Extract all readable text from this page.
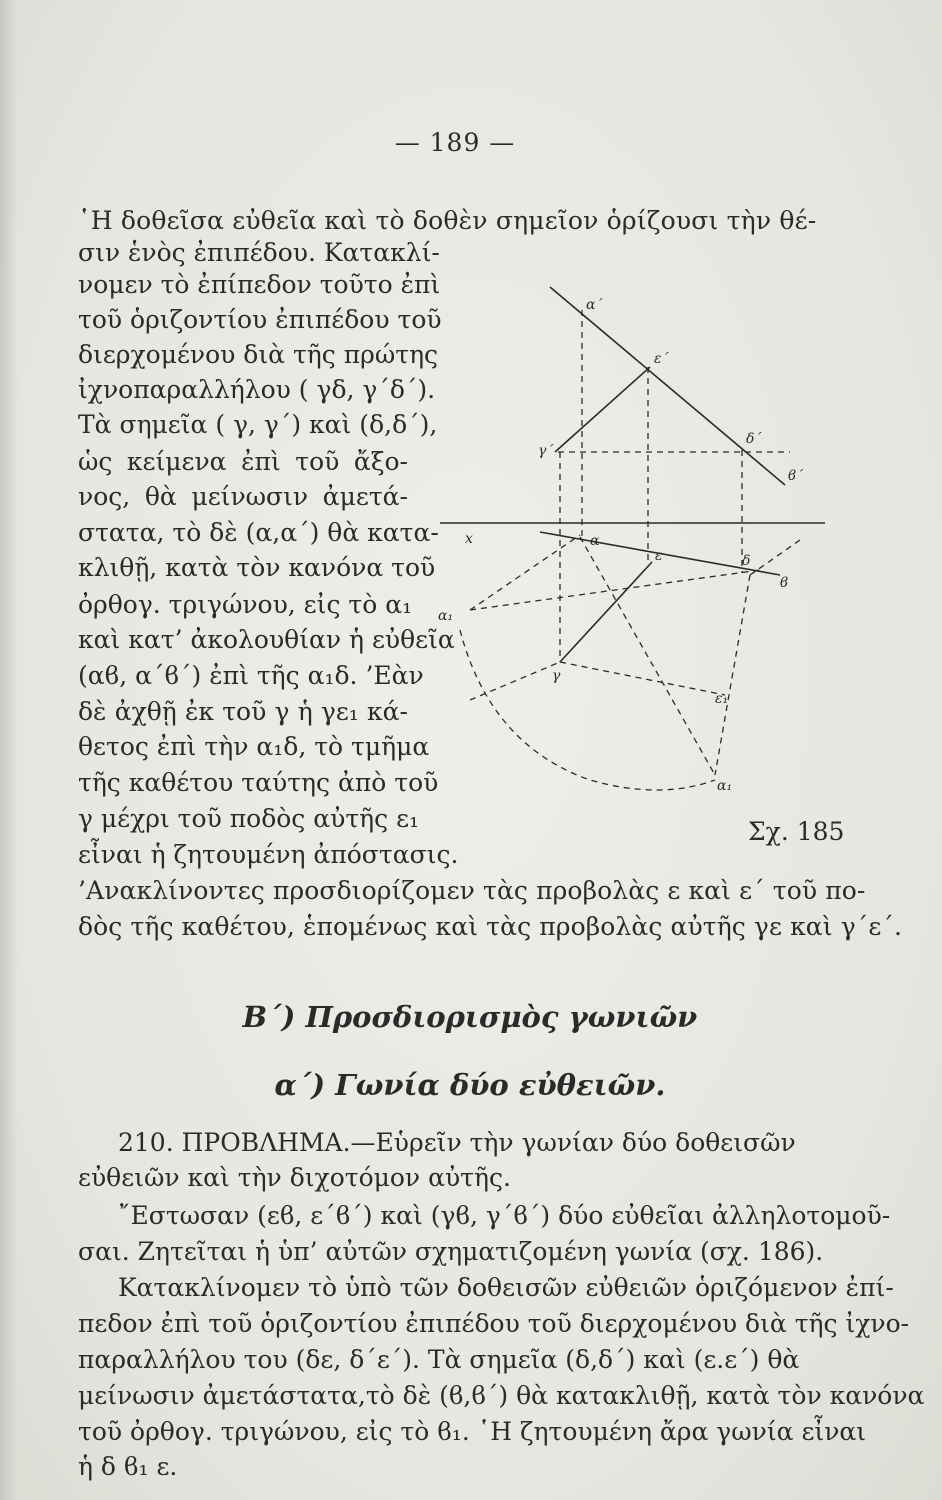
— 189 —
῾Η δοθεῖσα εὐθεῖα καὶ τὸ δοθὲν σημεῖον ὁρίζουσι τὴν θέ-
σιν ἑνὸς ἐπιπέδου. Κατακλί-
νομεν τὸ ἐπίπεδον τοῦτο ἐπὶ
τοῦ ὁριζοντίου ἐπιπέδου τοῦ
διερχομένου διὰ τῆς πρώτης
ἰχνοπαραλλήλου ( γδ, γ΄δ΄).
Τὰ σημεῖα ( γ, γ΄) καὶ (δ,δ΄),
ὡς κείμενα ἐπὶ τοῦ ἄξο-
νος, θὰ μείνωσιν ἀμετά-
στατα, τὸ δὲ (α,α΄) θὰ κατα-
κλιθῇ, κατὰ τὸν κανόνα τοῦ
ὀρθογ. τριγώνου, εἰς τὸ α₁
καὶ κατ’ ἀκολουθίαν ἡ εὐθεῖα
(αϐ, α΄ϐ΄) ἐπὶ τῆς α₁δ. ’Εὰν
δὲ ἀχθῇ ἐκ τοῦ γ ἡ γε₁ κά-
θετος ἐπὶ τὴν α₁δ, τὸ τμῆμα
τῆς καθέτου ταύτης ἀπὸ τοῦ
γ μέχρι τοῦ ποδὸς αὐτῆς ε₁
εἶναι ἡ ζητουμένη ἀπόστασις.
’Ανακλίνοντες προσδιορίζομεν τὰς προβολὰς ε καὶ ε΄ τοῦ πο-
δὸς τῆς καθέτου, ἑπομένως καὶ τὰς προβολὰς αὐτῆς γε καὶ γ΄ε΄.
α΄
ε΄
γ΄
δ΄
ϐ΄
x	α
ε	δ
ϐ
α₁
γ
ε₁
α₁
Σχ. 185
Β΄) Προσδιορισμὸς γωνιῶν
α΄) Γωνία δύο εὐθειῶν.
210. ΠΡΟΒΛΗΜΑ.—Εὑρεῖν τὴν γωνίαν δύο δοθεισῶν
εὐθειῶν καὶ τὴν διχοτόμον αὐτῆς.
῎Εστωσαν (εϐ, ε΄ϐ΄) καὶ (γϐ, γ΄ϐ΄) δύο εὐθεῖαι ἀλληλοτομοῦ-
σαι. Ζητεῖται ἡ ὑπ’ αὐτῶν σχηματιζομένη γωνία (σχ. 186).
Κατακλίνομεν τὸ ὑπὸ τῶν δοθεισῶν εὐθειῶν ὁριζόμενον ἐπί-
πεδον ἐπὶ τοῦ ὁριζοντίου ἐπιπέδου τοῦ διερχομένου διὰ τῆς ἰχνο-
παραλλήλου του (δε, δ΄ε΄). Τὰ σημεῖα (δ,δ΄) καὶ (ε.ε΄) θὰ
μείνωσιν ἀμετάστατα,τὸ δὲ (ϐ,ϐ΄) θὰ κατακλιθῇ, κατὰ τὸν κανόνα
τοῦ ὀρθογ. τριγώνου, εἰς τὸ ϐ₁. ῾Η ζητουμένη ἄρα γωνία εἶναι
ἡ δ ϐ₁ ε.
